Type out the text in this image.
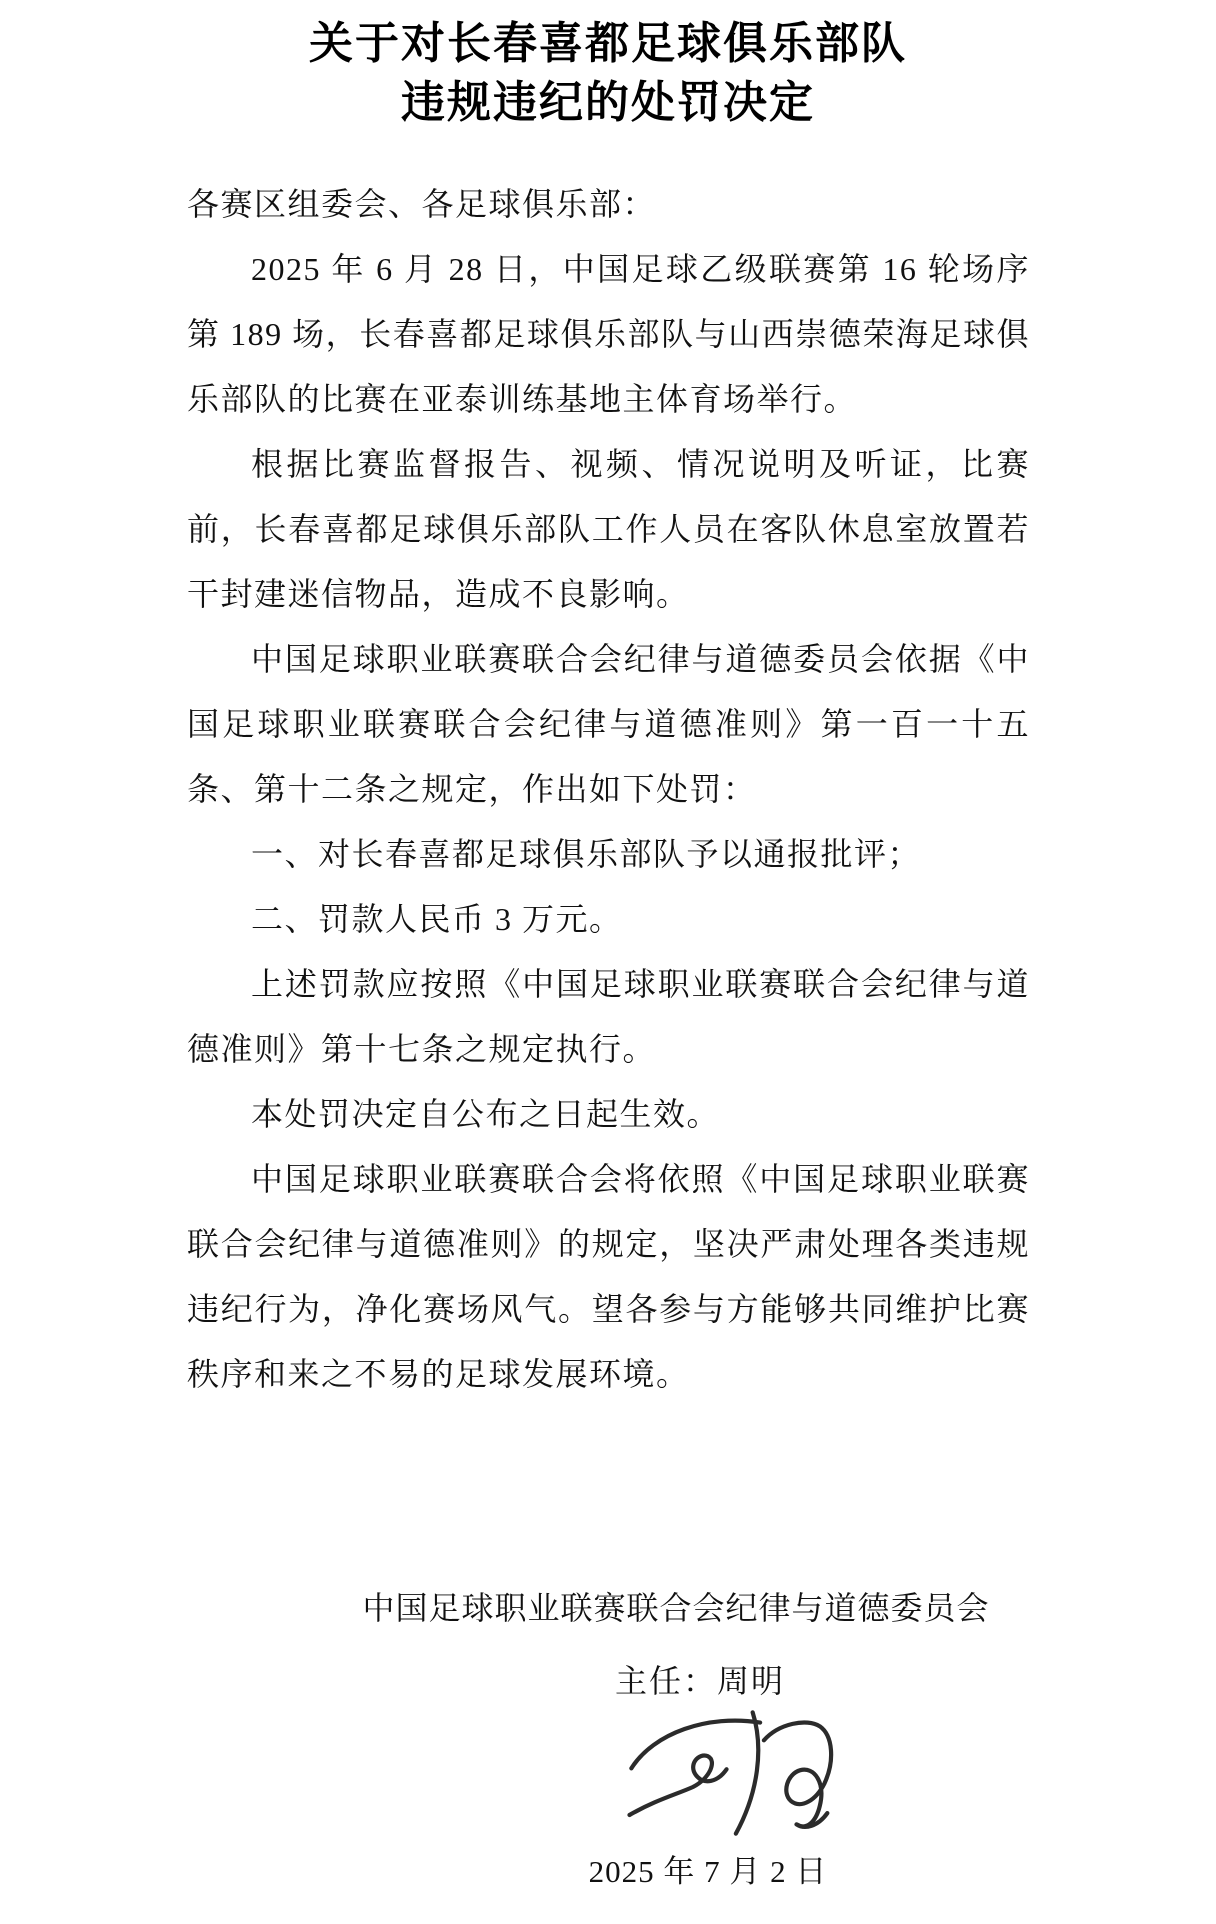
关于对长春喜都足球俱乐部队
违规违纪的处罚决定

各赛区组委会、各足球俱乐部：

2025 年 6 月 28 日，中国足球乙级联赛第 16 轮场序第 189 场，长春喜都足球俱乐部队与山西崇德荣海足球俱乐部队的比赛在亚泰训练基地主体育场举行。

根据比赛监督报告、视频、情况说明及听证，比赛前，长春喜都足球俱乐部队工作人员在客队休息室放置若干封建迷信物品，造成不良影响。

中国足球职业联赛联合会纪律与道德委员会依据《中国足球职业联赛联合会纪律与道德准则》第一百一十五条、第十二条之规定，作出如下处罚：

一、对长春喜都足球俱乐部队予以通报批评；

二、罚款人民币 3 万元。

上述罚款应按照《中国足球职业联赛联合会纪律与道德准则》第十七条之规定执行。

本处罚决定自公布之日起生效。

中国足球职业联赛联合会将依照《中国足球职业联赛联合会纪律与道德准则》的规定，坚决严肃处理各类违规违纪行为，净化赛场风气。望各参与方能够共同维护比赛秩序和来之不易的足球发展环境。

中国足球职业联赛联合会纪律与道德委员会
主任：周明
2025 年 7 月 2 日
